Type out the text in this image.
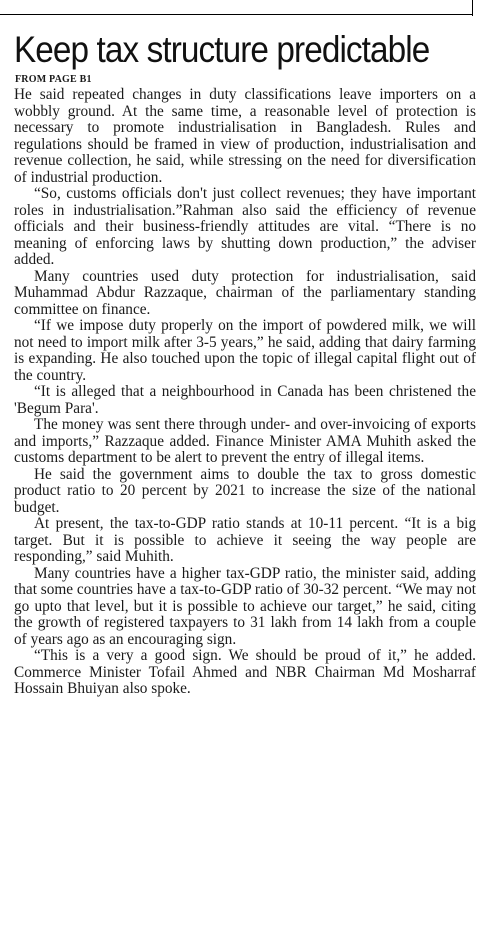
Keep tax structure predictable
FROM PAGE B1

He said repeated changes in duty classifications leave importers on a wobbly ground. At the same time, a reasonable level of protection is necessary to promote industrialisation in Bangladesh. Rules and regulations should be framed in view of production, industrialisation and revenue collection, he said, while stressing on the need for diversification of industrial production.

“So, customs officials don't just collect revenues; they have important roles in industrialisation.”Rahman also said the efficiency of revenue officials and their business-friendly attitudes are vital. “There is no meaning of enforcing laws by shutting down production,” the adviser added.

Many countries used duty protection for industrialisation, said Muhammad Abdur Razzaque, chairman of the parliamentary standing committee on finance.

“If we impose duty properly on the import of powdered milk, we will not need to import milk after 3-5 years,” he said, adding that dairy farming is expanding. He also touched upon the topic of illegal capital flight out of the country.

“It is alleged that a neighbourhood in Canada has been christened the 'Begum Para'.

The money was sent there through under- and over-invoicing of exports and imports,” Razzaque added. Finance Minister AMA Muhith asked the customs department to be alert to prevent the entry of illegal items.

He said the government aims to double the tax to gross domestic product ratio to 20 percent by 2021 to increase the size of the national budget.

At present, the tax-to-GDP ratio stands at 10-11 percent. “It is a big target. But it is possible to achieve it seeing the way people are responding,” said Muhith.

Many countries have a higher tax-GDP ratio, the minister said, adding that some countries have a tax-to-GDP ratio of 30-32 percent. “We may not go upto that level, but it is possible to achieve our target,” he said, citing the growth of registered taxpayers to 31 lakh from 14 lakh from a couple of years ago as an encouraging sign.

“This is a very a good sign. We should be proud of it,” he added. Commerce Minister Tofail Ahmed and NBR Chairman Md Mosharraf Hossain Bhuiyan also spoke.
